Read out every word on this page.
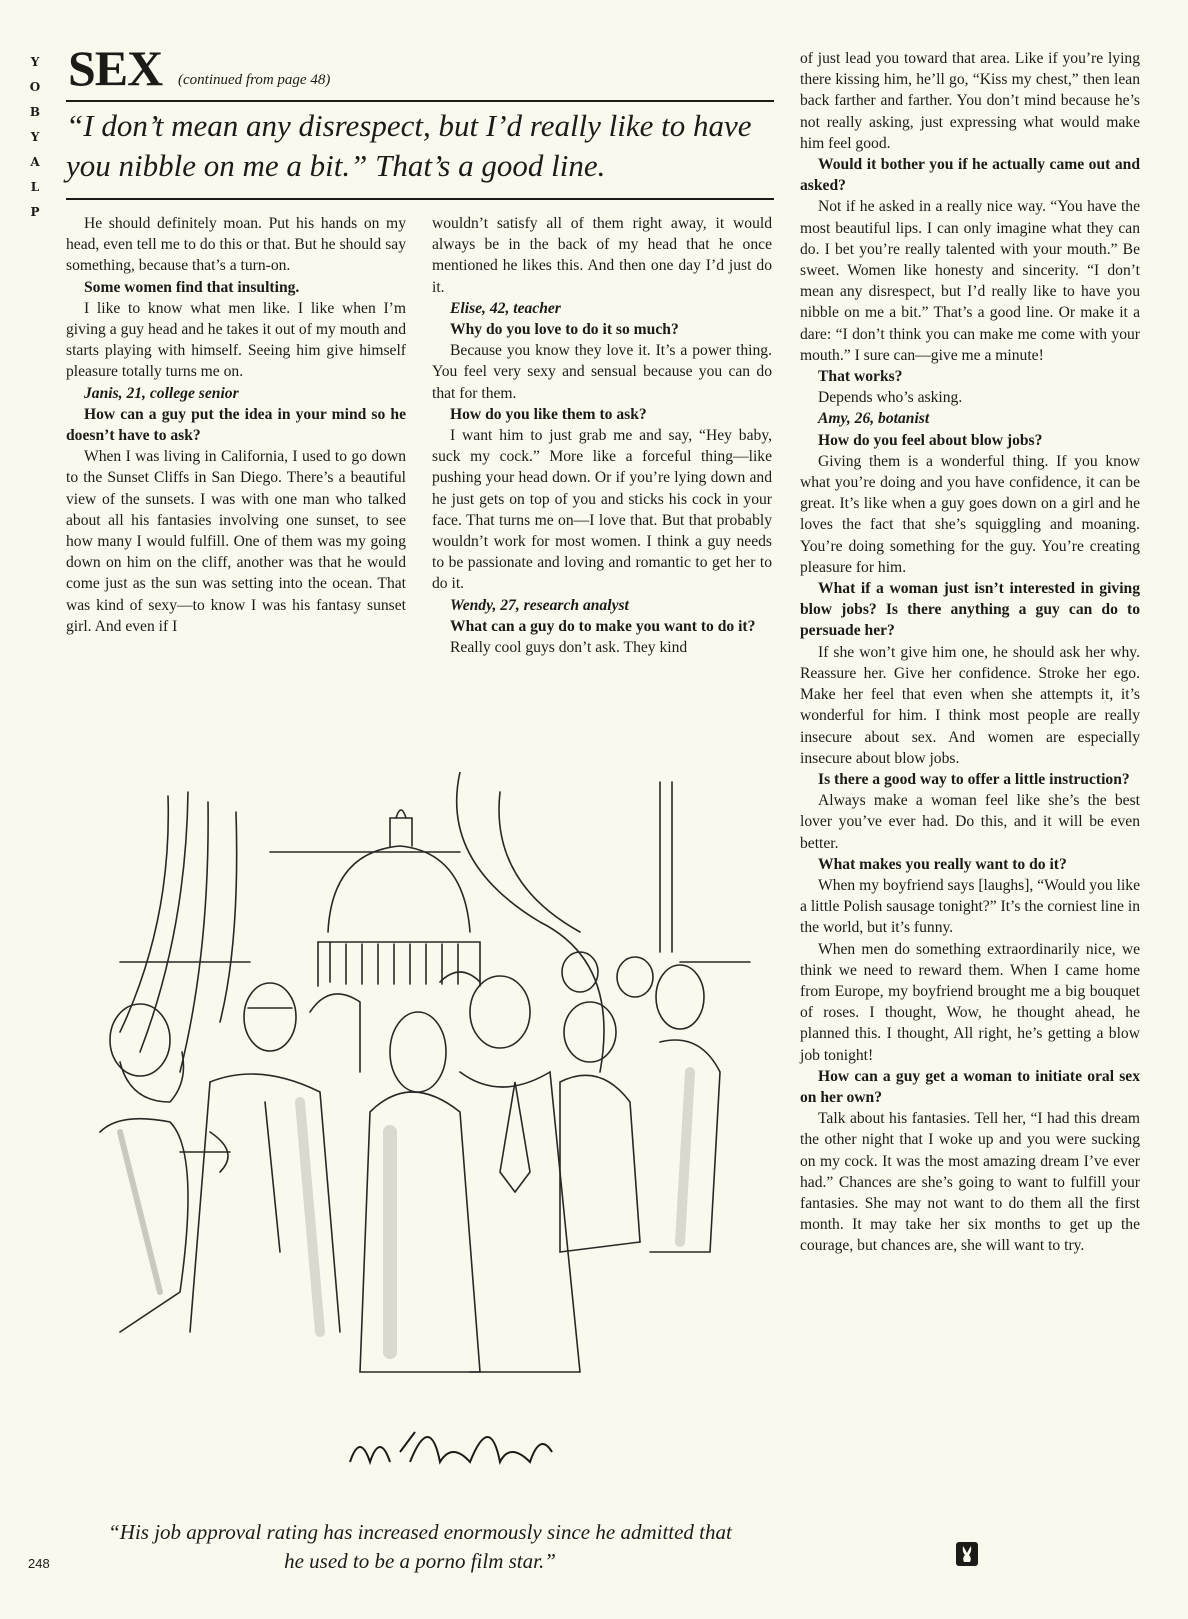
Y
O
B
Y
A
L
P
SEX (continued from page 48)
“I don’t mean any disrespect, but I’d really like to have you nibble on me a bit.” That’s a good line.

He should definitely moan. Put his hands on my head, even tell me to do this or that. But he should say something, because that’s a turn-on.

Some women find that insulting.

I like to know what men like. I like when I’m giving a guy head and he takes it out of my mouth and starts playing with himself. Seeing him give himself pleasure totally turns me on.

Janis, 21, college senior

How can a guy put the idea in your mind so he doesn’t have to ask?

When I was living in California, I used to go down to the Sunset Cliffs in San Diego. There’s a beautiful view of the sunsets. I was with one man who talked about all his fantasies involving one sunset, to see how many I would fulfill. One of them was my going down on him on the cliff, another was that he would come just as the sun was setting into the ocean. That was kind of sexy—to know I was his fantasy sunset girl. And even if I

wouldn’t satisfy all of them right away, it would always be in the back of my head that he once mentioned he likes this. And then one day I’d just do it.

Elise, 42, teacher

Why do you love to do it so much?

Because you know they love it. It’s a power thing. You feel very sexy and sensual because you can do that for them.

How do you like them to ask?

I want him to just grab me and say, “Hey baby, suck my cock.” More like a forceful thing—like pushing your head down. Or if you’re lying down and he just gets on top of you and sticks his cock in your face. That turns me on—I love that. But that probably wouldn’t work for most women. I think a guy needs to be passionate and loving and romantic to get her to do it.

Wendy, 27, research analyst

What can a guy do to make you want to do it?

Really cool guys don’t ask. They kind

of just lead you toward that area. Like if you’re lying there kissing him, he’ll go, “Kiss my chest,” then lean back farther and farther. You don’t mind because he’s not really asking, just expressing what would make him feel good.

Would it bother you if he actually came out and asked?

Not if he asked in a really nice way. “You have the most beautiful lips. I can only imagine what they can do. I bet you’re really talented with your mouth.” Be sweet. Women like honesty and sincerity. “I don’t mean any disrespect, but I’d really like to have you nibble on me a bit.” That’s a good line. Or make it a dare: “I don’t think you can make me come with your mouth.” I sure can—give me a minute!

That works?

Depends who’s asking.

Amy, 26, botanist

How do you feel about blow jobs?

Giving them is a wonderful thing. If you know what you’re doing and you have confidence, it can be great. It’s like when a guy goes down on a girl and he loves the fact that she’s squiggling and moaning. You’re doing something for the guy. You’re creating pleasure for him.

What if a woman just isn’t interested in giving blow jobs? Is there anything a guy can do to persuade her?

If she won’t give him one, he should ask her why. Reassure her. Give her confidence. Stroke her ego. Make her feel that even when she attempts it, it’s wonderful for him. I think most people are really insecure about sex. And women are especially insecure about blow jobs.

Is there a good way to offer a little instruction?

Always make a woman feel like she’s the best lover you’ve ever had. Do this, and it will be even better.

What makes you really want to do it?

When my boyfriend says [laughs], “Would you like a little Polish sausage tonight?” It’s the corniest line in the world, but it’s funny.

When men do something extraordinarily nice, we think we need to reward them. When I came home from Europe, my boyfriend brought me a big bouquet of roses. I thought, Wow, he thought ahead, he planned this. I thought, All right, he’s getting a blow job tonight!

How can a guy get a woman to initiate oral sex on her own?

Talk about his fantasies. Tell her, “I had this dream the other night that I woke up and you were sucking on my cock. It was the most amazing dream I’ve ever had.” Chances are she’s going to want to fulfill your fantasies. She may not want to do them all the first month. It may take her six months to get up the courage, but chances are, she will want to try.

“His job approval rating has increased enormously since he admitted that he used to be a porno film star.”
248
